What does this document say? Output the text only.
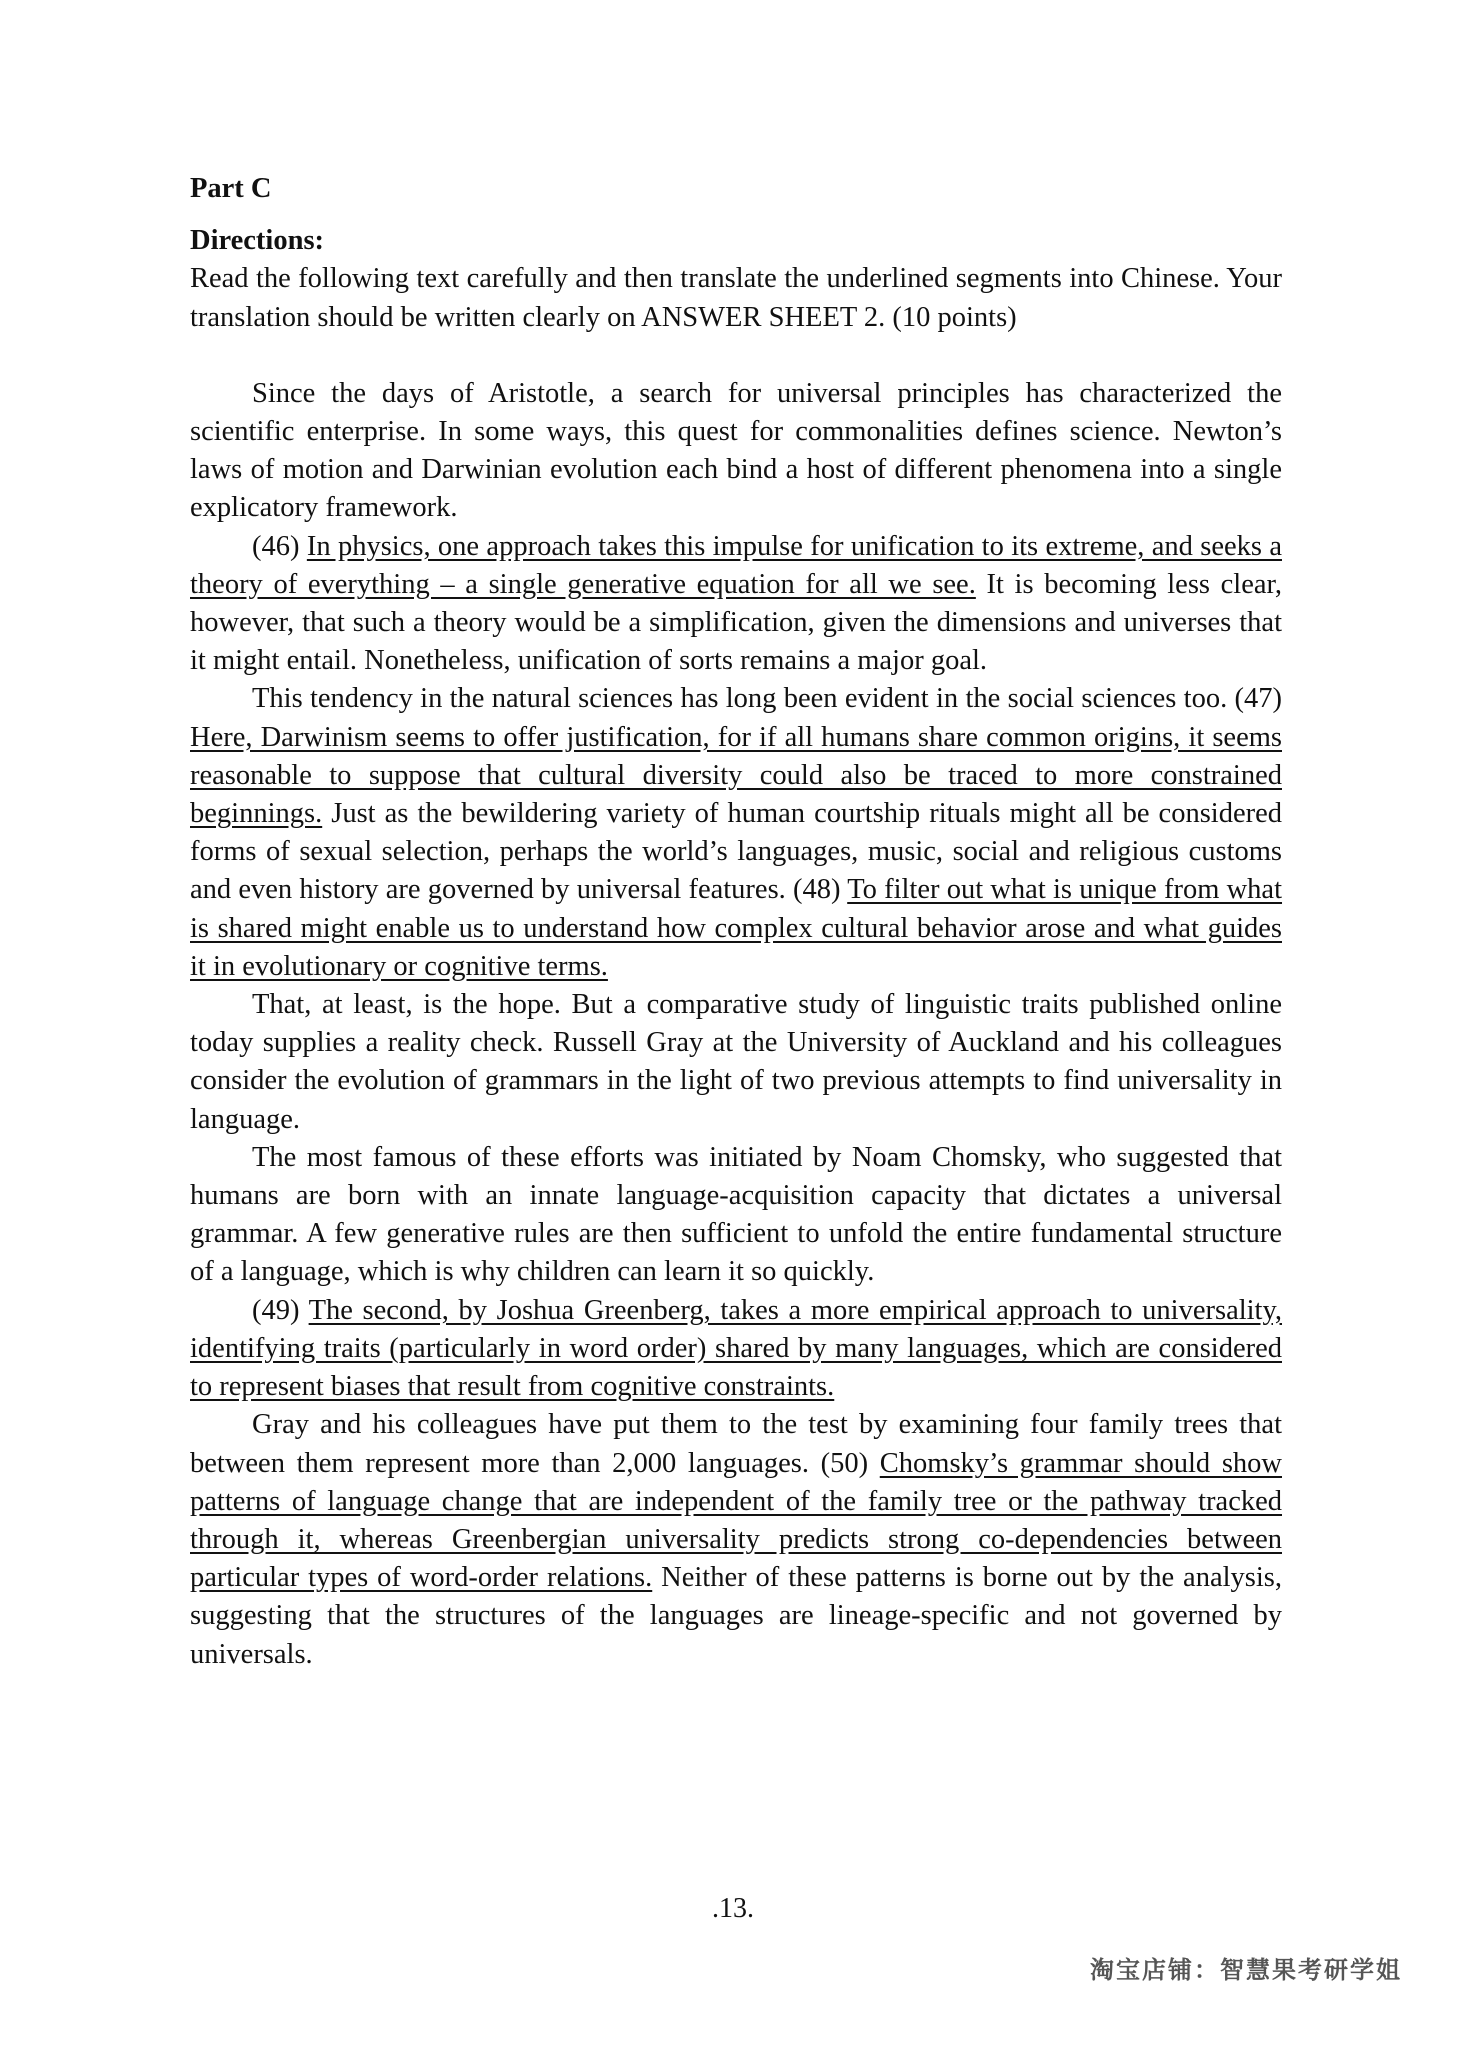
Part C

Directions:

Read the following text carefully and then translate the underlined segments into Chinese. Your translation should be written clearly on ANSWER SHEET 2. (10 points)

Since the days of Aristotle, a search for universal principles has characterized the scientific enterprise. In some ways, this quest for commonalities defines science. Newton’s laws of motion and Darwinian evolution each bind a host of different phenomena into a single explicatory framework.

(46) In physics, one approach takes this impulse for unification to its extreme, and seeks a theory of everything – a single generative equation for all we see. It is becoming less clear, however, that such a theory would be a simplification, given the dimensions and universes that it might entail. Nonetheless, unification of sorts remains a major goal.

This tendency in the natural sciences has long been evident in the social sciences too. (47) Here, Darwinism seems to offer justification, for if all humans share common origins, it seems reasonable to suppose that cultural diversity could also be traced to more constrained beginnings. Just as the bewildering variety of human courtship rituals might all be considered forms of sexual selection, perhaps the world’s languages, music, social and religious customs and even history are governed by universal features. (48) To filter out what is unique from what is shared might enable us to understand how complex cultural behavior arose and what guides it in evolutionary or cognitive terms.

That, at least, is the hope. But a comparative study of linguistic traits published online today supplies a reality check. Russell Gray at the University of Auckland and his colleagues consider the evolution of grammars in the light of two previous attempts to find universality in language.

The most famous of these efforts was initiated by Noam Chomsky, who suggested that humans are born with an innate language-acquisition capacity that dictates a universal grammar. A few generative rules are then sufficient to unfold the entire fundamental structure of a language, which is why children can learn it so quickly.

(49) The second, by Joshua Greenberg, takes a more empirical approach to universality, identifying traits (particularly in word order) shared by many languages, which are considered to represent biases that result from cognitive constraints.

Gray and his colleagues have put them to the test by examining four family trees that between them represent more than 2,000 languages. (50) Chomsky’s grammar should show patterns of language change that are independent of the family tree or the pathway tracked through it, whereas Greenbergian universality predicts strong co-dependencies between particular types of word-order relations. Neither of these patterns is borne out by the analysis, suggesting that the structures of the languages are lineage-specific and not governed by universals.

.13.
淘宝店铺：智慧果考研学姐
